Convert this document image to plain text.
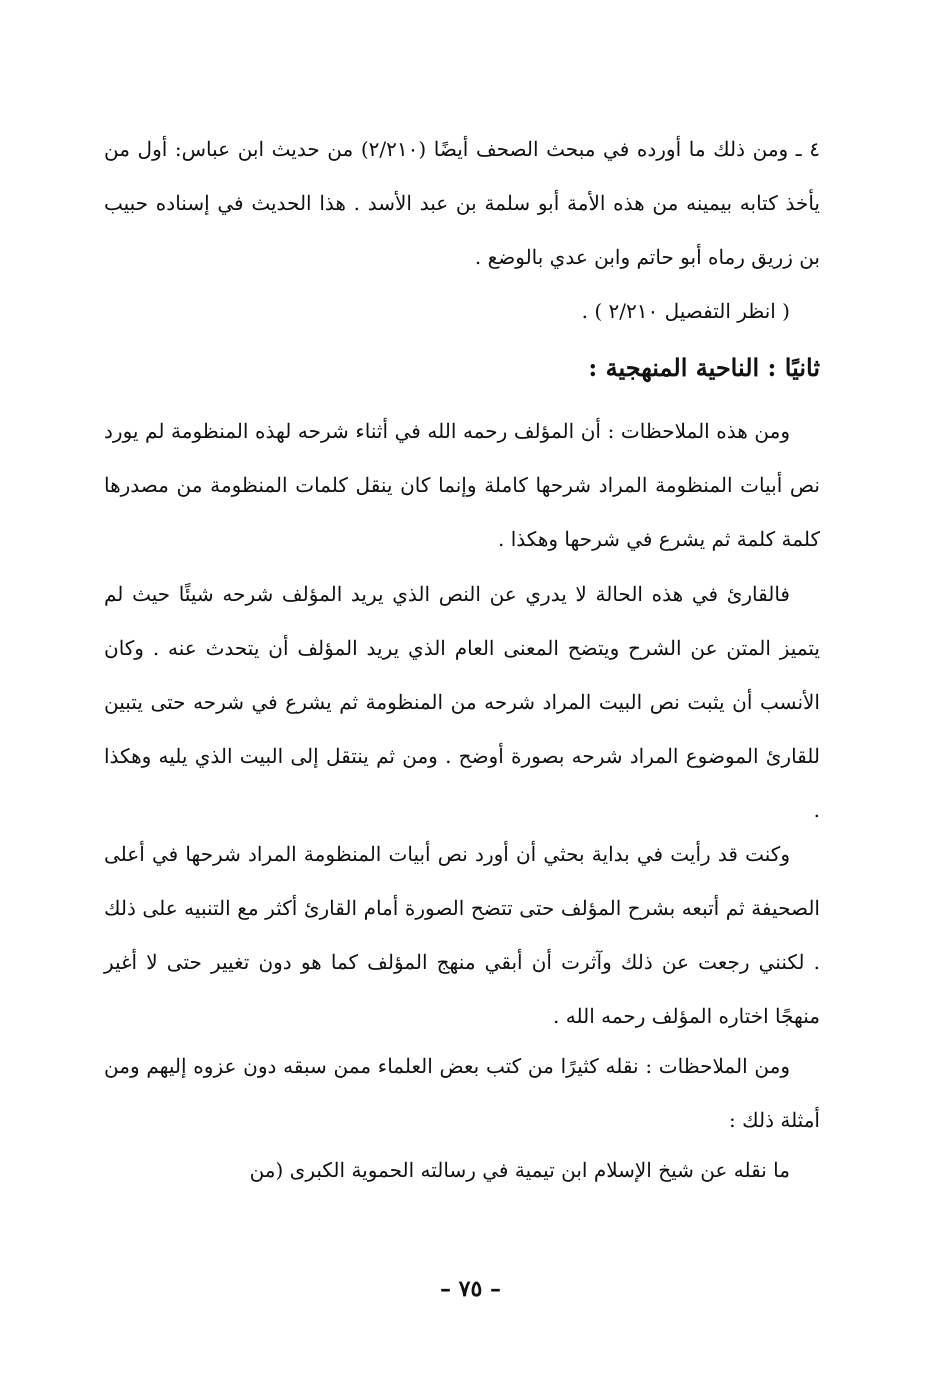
٤ ـ ومن ذلك ما أورده في مبحث الصحف أيضًا (٢/٢١٠) من حديث ابن عباس: أول من يأخذ كتابه بيمينه من هذه الأمة أبو سلمة بن عبد الأسد . هذا الحديث في إسناده حبيب بن زريق رماه أبو حاتم وابن عدي بالوضع .

( انظر التفصيل ٢/٢١٠ ) .

ثانيًا : الناحية المنهجية :

ومن هذه الملاحظات : أن المؤلف رحمه الله في أثناء شرحه لهذه المنظومة لم يورد نص أبيات المنظومة المراد شرحها كاملة وإنما كان ينقل كلمات المنظومة من مصدرها كلمة كلمة ثم يشرع في شرحها وهكذا .

فالقارئ في هذه الحالة لا يدري عن النص الذي يريد المؤلف شرحه شيئًا حيث لم يتميز المتن عن الشرح ويتضح المعنى العام الذي يريد المؤلف أن يتحدث عنه . وكان الأنسب أن يثبت نص البيت المراد شرحه من المنظومة ثم يشرع في شرحه حتى يتبين للقارئ الموضوع المراد شرحه بصورة أوضح . ومن ثم ينتقل إلى البيت الذي يليه وهكذا .

وكنت قد رأيت في بداية بحثي أن أورد نص أبيات المنظومة المراد شرحها في أعلى الصحيفة ثم أتبعه بشرح المؤلف حتى تتضح الصورة أمام القارئ أكثر مع التنبيه على ذلك . لكنني رجعت عن ذلك وآثرت أن أبقي منهج المؤلف كما هو دون تغيير حتى لا أغير منهجًا اختاره المؤلف رحمه الله .

ومن الملاحظات : نقله كثيرًا من كتب بعض العلماء ممن سبقه دون عزوه إليهم ومن أمثلة ذلك :

ما نقله عن شيخ الإسلام ابن تيمية في رسالته الحموية الكبرى (من

– ٧٥ –
